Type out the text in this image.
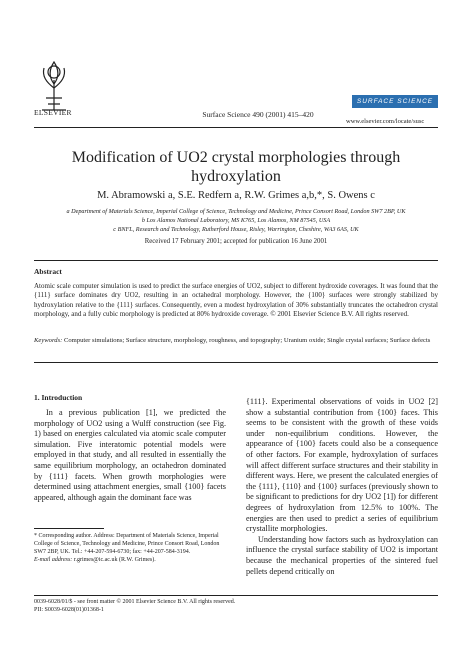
ELSEVIER	Surface Science 490 (2001) 415–420
SURFACE SCIENCE
www.elsevier.com/locate/susc
Modification of UO2 crystal morphologies through hydroxylation
M. Abramowski a, S.E. Redfern a, R.W. Grimes a,b,*, S. Owens c
a Department of Materials Science, Imperial College of Science, Technology and Medicine, Prince Consort Road, London SW7 2BP, UK
b Los Alamos National Laboratory, MS K765, Los Alamos, NM 87545, USA
c BNFL, Research and Technology, Rutherford House, Risley, Warrington, Cheshire, WA3 6AS, UK
Received 17 February 2001; accepted for publication 16 June 2001
Abstract
Atomic scale computer simulation is used to predict the surface energies of UO2, subject to different hydroxide coverages. It was found that the {111} surface dominates dry UO2, resulting in an octahedral morphology. However, the {100} surfaces were strongly stabilized by hydroxylation relative to the {111} surfaces. Consequently, even a modest hydroxylation of 30% substantially truncates the octahedron crystal morphology, and a fully cubic morphology is predicted at 80% hydroxide coverage. © 2001 Elsevier Science B.V. All rights reserved.
Keywords: Computer simulations; Surface structure, morphology, roughness, and topography; Uranium oxide; Single crystal surfaces; Surface defects
1. Introduction

In a previous publication [1], we predicted the morphology of UO2 using a Wulff construction (see Fig. 1) based on energies calculated via atomic scale computer simulation. Five interatomic potential models were employed in that study, and all resulted in essentially the same equilibrium morphology, an octahedron dominated by {111} facets. When growth morphologies were determined using attachment energies, small {100} facets appeared, although again the dominant face was

{111}. Experimental observations of voids in UO2 [2] show a substantial contribution from {100} faces. This seems to be consistent with the growth of these voids under non-equilibrium conditions. However, the appearance of {100} facets could also be a consequence of other factors. For example, hydroxylation of surfaces will affect different surface structures and their stability in different ways. Here, we present the calculated energies of the {111}, {110} and {100} surfaces (previously shown to be significant to predictions for dry UO2 [1]) for different degrees of hydroxylation from 12.5% to 100%. The energies are then used to predict a series of equilibrium crystallite morphologies.

Understanding how factors such as hydroxylation can influence the crystal surface stability of UO2 is important because the mechanical properties of the sintered fuel pellets depend critically on

* Corresponding author. Address: Department of Materials Science, Imperial College of Science, Technology and Medicine, Prince Consort Road, London SW7 2BP, UK. Tel.: +44-207-594-6730; fax: +44-207-584-3194.
E-mail address: r.grimes@ic.ac.uk (R.W. Grimes).
0039-6028/01/$ - see front matter © 2001 Elsevier Science B.V. All rights reserved.
PII: S0039-6028(01)01368-1
